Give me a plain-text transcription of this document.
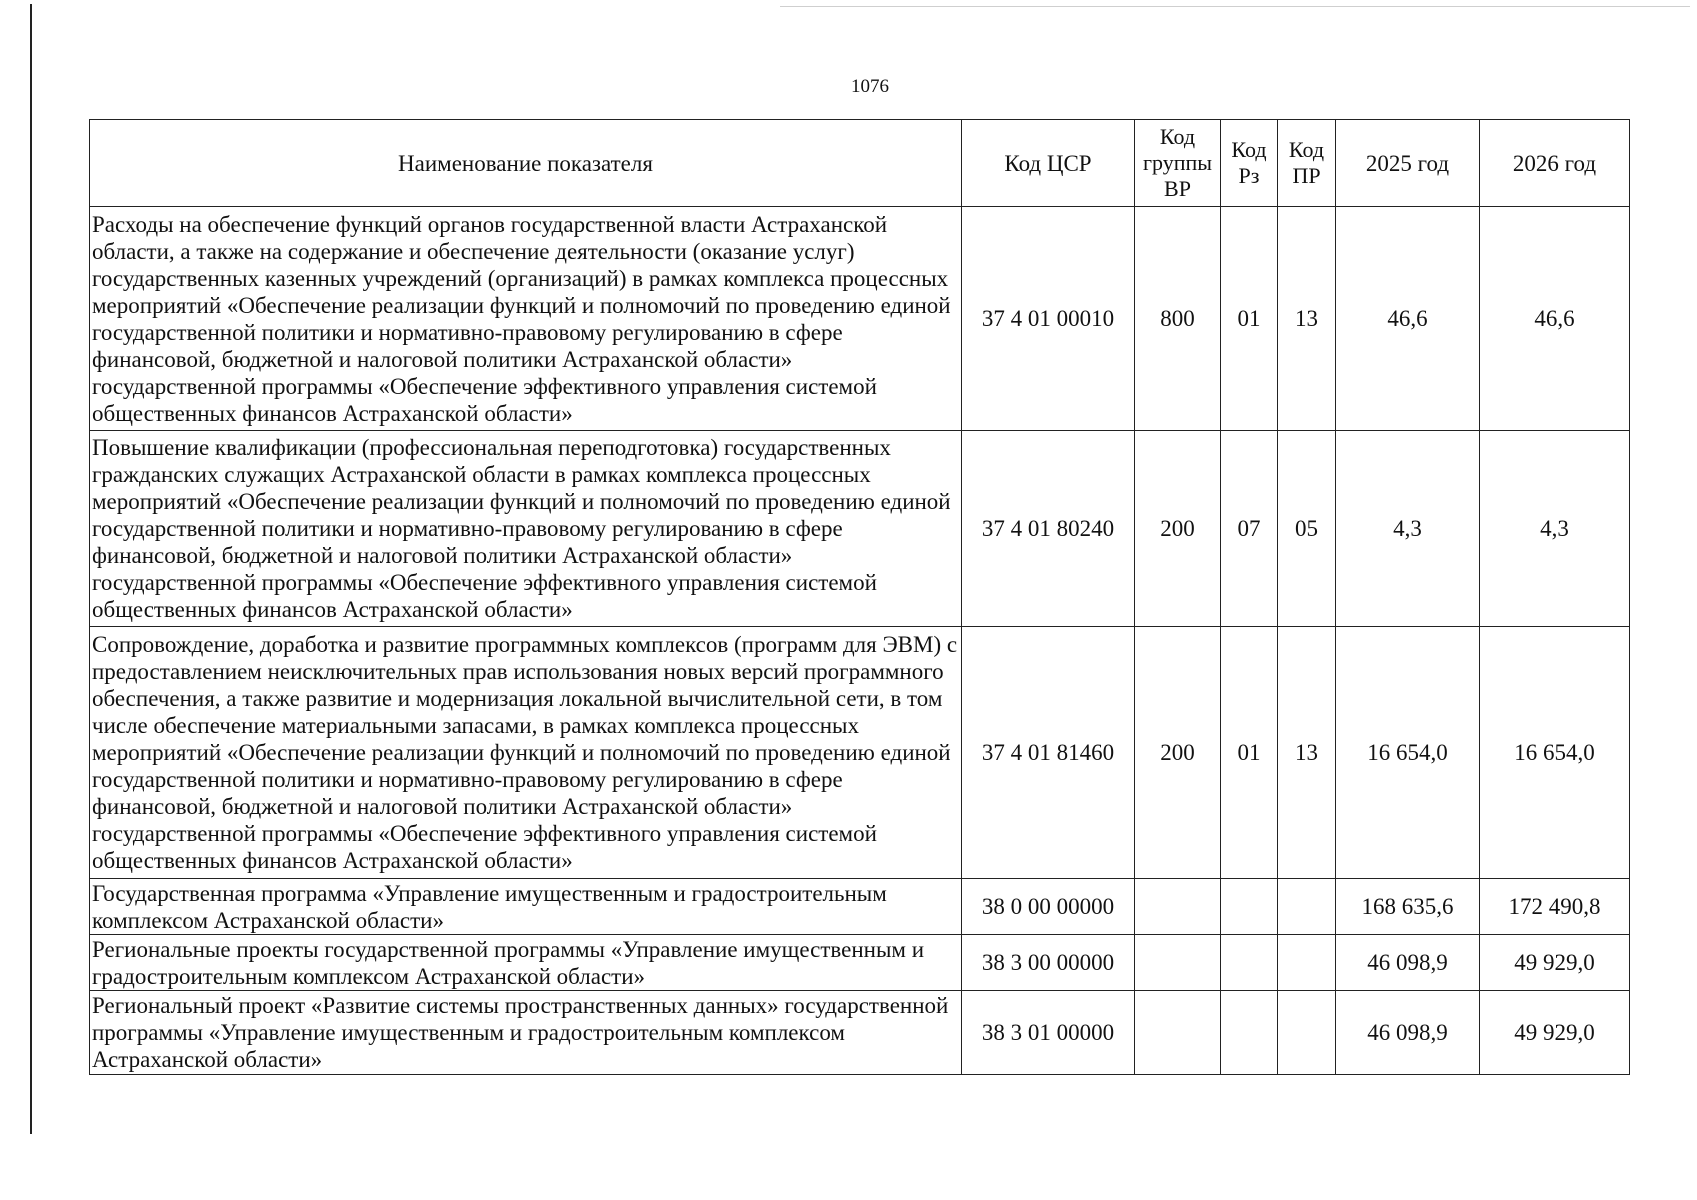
1076
Наименование показателя	Код ЦСР	Код группы ВР	Код Рз	Код ПР	2025 год	2026 год
Расходы на обеспечение функций органов государственной власти Астраханской области, а также на содержание и обеспечение деятельности (оказание услуг) государственных казенных учреждений (организаций) в рамках комплекса процессных мероприятий «Обеспечение реализации функций и полномочий по проведению единой государственной политики и нормативно-правовому регулированию в сфере финансовой, бюджетной и налоговой политики Астраханской области» государственной программы «Обеспечение эффективного управления системой общественных финансов Астраханской области»	37 4 01 00010	800	01	13	46,6	46,6
Повышение квалификации (профессиональная переподготовка) государственных гражданских служащих Астраханской области в рамках комплекса процессных мероприятий «Обеспечение реализации функций и полномочий по проведению единой государственной политики и нормативно-правовому регулированию в сфере финансовой, бюджетной и налоговой политики Астраханской области» государственной программы «Обеспечение эффективного управления системой общественных финансов Астраханской области»	37 4 01 80240	200	07	05	4,3	4,3
Сопровождение, доработка и развитие программных комплексов (программ для ЭВМ) с предоставлением неисключительных прав использования новых версий программного обеспечения, а также развитие и модернизация локальной вычислительной сети, в том числе обеспечение материальными запасами, в рамках комплекса процессных мероприятий «Обеспечение реализации функций и полномочий по проведению единой государственной политики и нормативно-правовому регулированию в сфере финансовой, бюджетной и налоговой политики Астраханской области» государственной программы «Обеспечение эффективного управления системой общественных финансов Астраханской области»	37 4 01 81460	200	01	13	16 654,0	16 654,0
Государственная программа «Управление имущественным и градостроительным комплексом Астраханской области»	38 0 00 00000				168 635,6	172 490,8
Региональные проекты государственной программы «Управление имущественным и градостроительным комплексом Астраханской области»	38 3 00 00000				46 098,9	49 929,0
Региональный проект «Развитие системы пространственных данных» государственной программы «Управление имущественным и градостроительным комплексом Астраханской области»	38 3 01 00000				46 098,9	49 929,0
